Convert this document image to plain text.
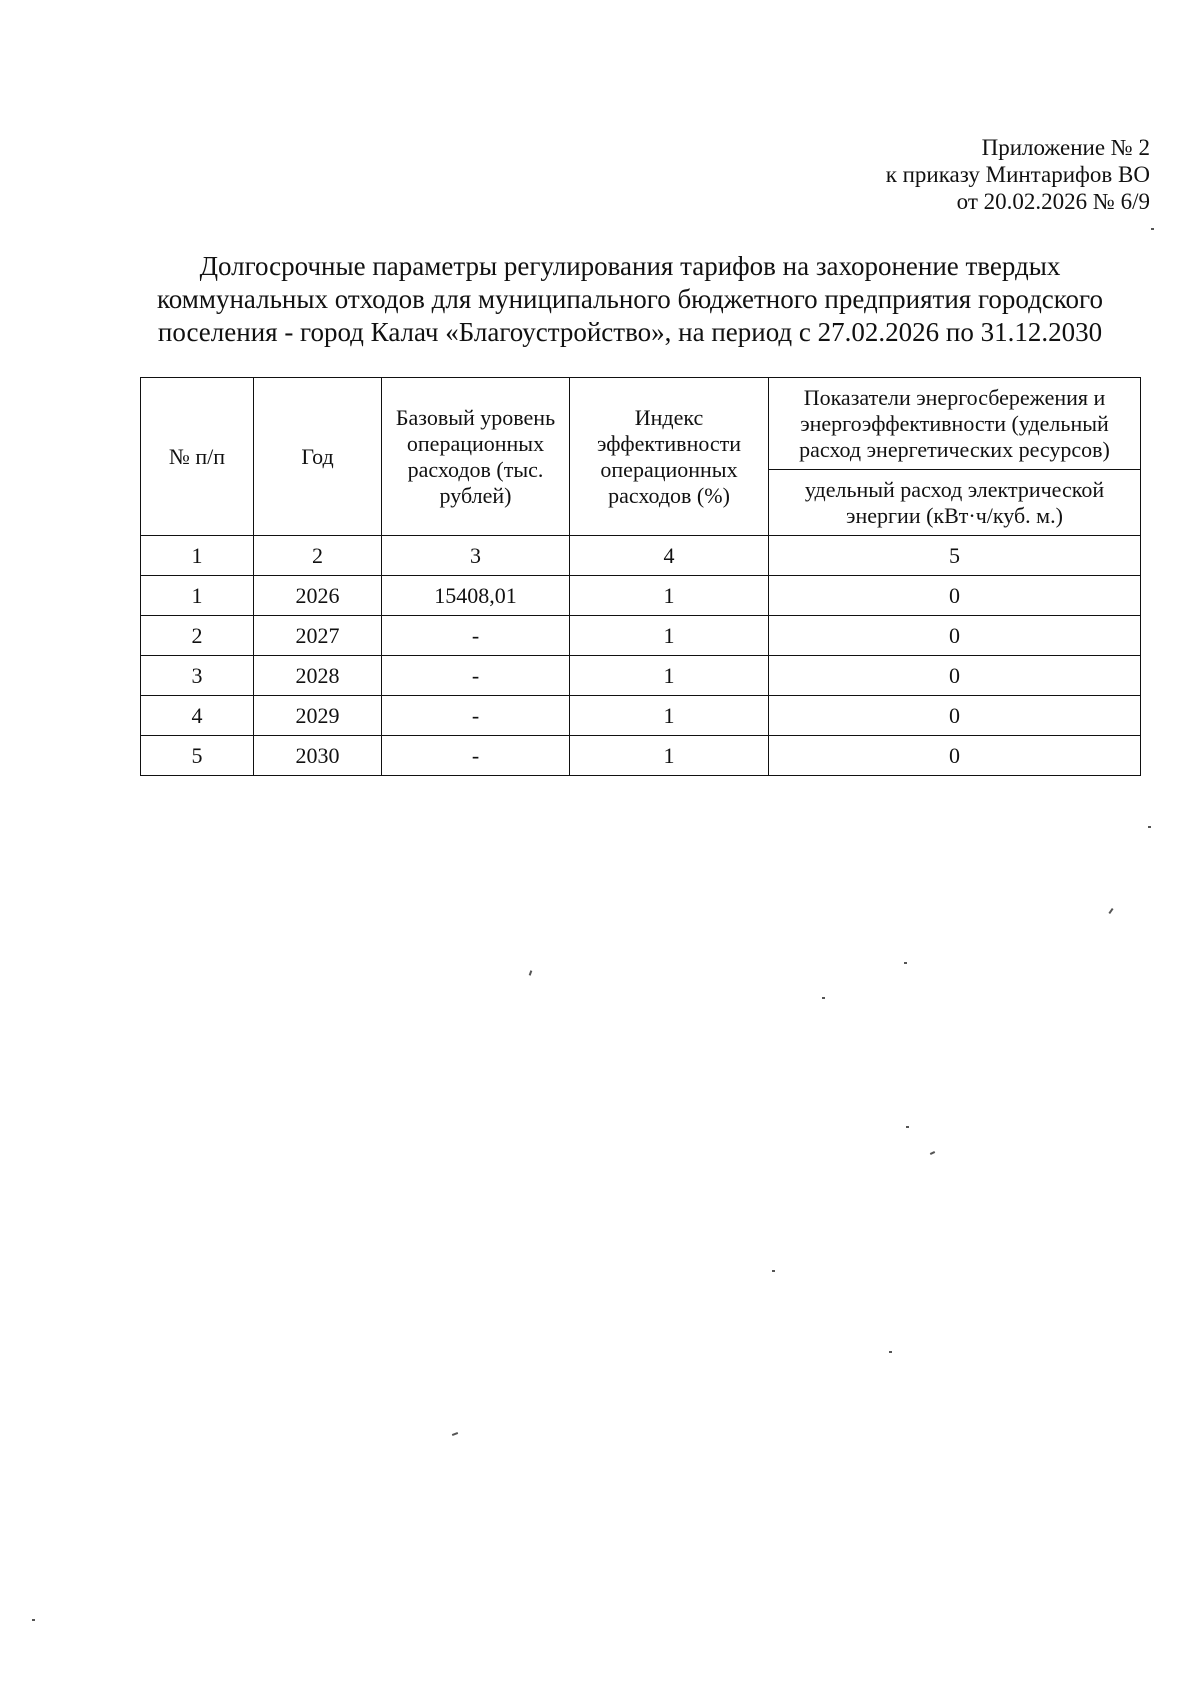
Приложение № 2
к приказу Минтарифов ВО
от 20.02.2026 № 6/9
Долгосрочные параметры регулирования тарифов на захоронение твердых
коммунальных отходов для муниципального бюджетного предприятия городского
поселения - город Калач «Благоустройство», на период с 27.02.2026 по 31.12.2030
№ п/п	Год	Базовый уровень операционных расходов (тыс. рублей)	Индекс эффективности операционных расходов (%)	Показатели энергосбережения и энергоэффективности (удельный расход энергетических ресурсов)
				удельный расход электрической энергии (кВт·ч/куб. м.)
1	2	3	4	5
1	2026	15408,01	1	0
2	2027	-	1	0
3	2028	-	1	0
4	2029	-	1	0
5	2030	-	1	0
